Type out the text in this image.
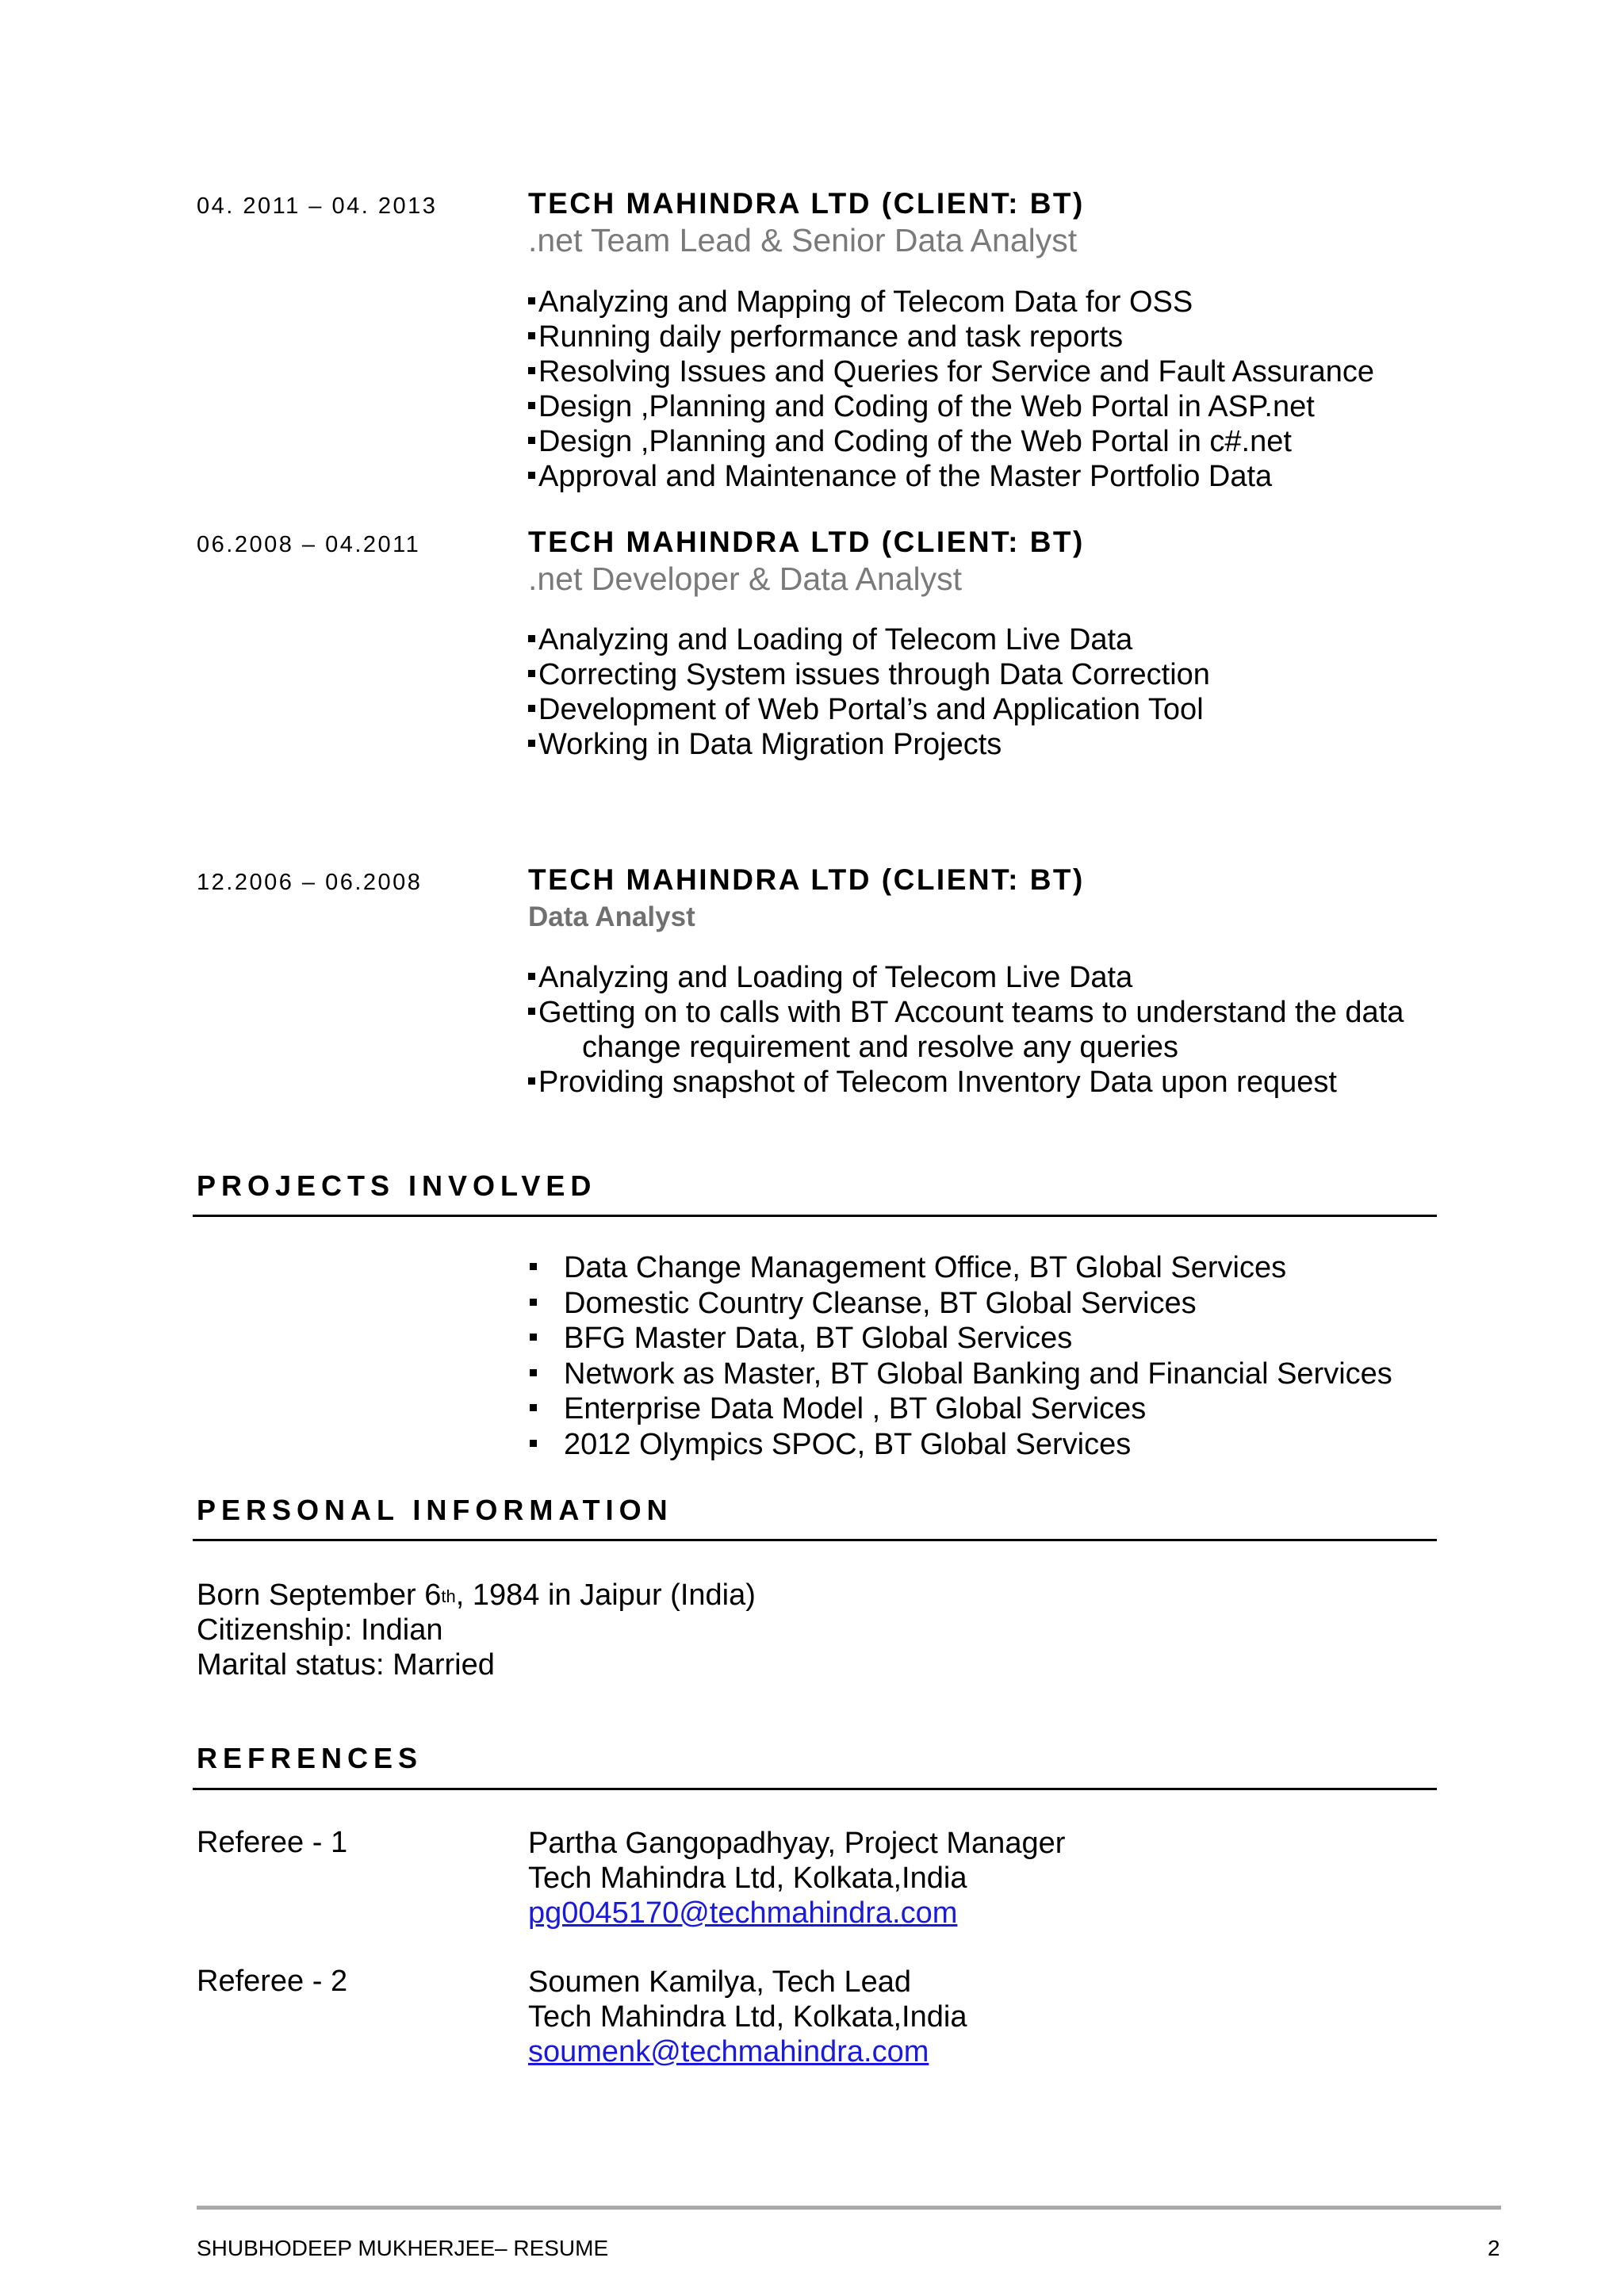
04. 2011 – 04. 2013	TECH MAHINDRA LTD (CLIENT: BT)
.net Team Lead & Senior Data Analyst
Analyzing and Mapping of Telecom Data for OSS
Running daily performance and task reports
Resolving Issues and Queries for Service and Fault Assurance
Design ,Planning and Coding of the Web Portal in ASP.net
Design ,Planning and Coding of the Web Portal in c#.net
Approval and Maintenance of the Master Portfolio Data
06.2008 – 04.2011	TECH MAHINDRA LTD (CLIENT: BT)
.net Developer & Data Analyst
Analyzing and Loading of Telecom Live Data
Correcting System issues through Data Correction
Development of Web Portal’s and Application Tool
Working in Data Migration Projects
12.2006 – 06.2008	TECH MAHINDRA LTD (CLIENT: BT)
Data Analyst
Analyzing and Loading of Telecom Live Data
Getting on to calls with BT Account teams to understand the data
change requirement and resolve any queries
Providing snapshot of Telecom Inventory Data upon request
PROJECTS INVOLVED
Data Change Management Office, BT Global Services
Domestic Country Cleanse, BT Global Services
BFG Master Data, BT Global Services
Network as Master, BT Global Banking and Financial Services
Enterprise Data Model , BT Global Services
2012 Olympics SPOC, BT Global Services
PERSONAL INFORMATION
Born September 6th, 1984 in Jaipur (India)
Citizenship: Indian
Marital status: Married
REFRENCES
Referee - 1	Partha Gangopadhyay, Project Manager
Tech Mahindra Ltd, Kolkata,India
pg0045170@techmahindra.com
Referee - 2	Soumen Kamilya, Tech Lead
Tech Mahindra Ltd, Kolkata,India
soumenk@techmahindra.com
SHUBHODEEP MUKHERJEE– RESUME	2
